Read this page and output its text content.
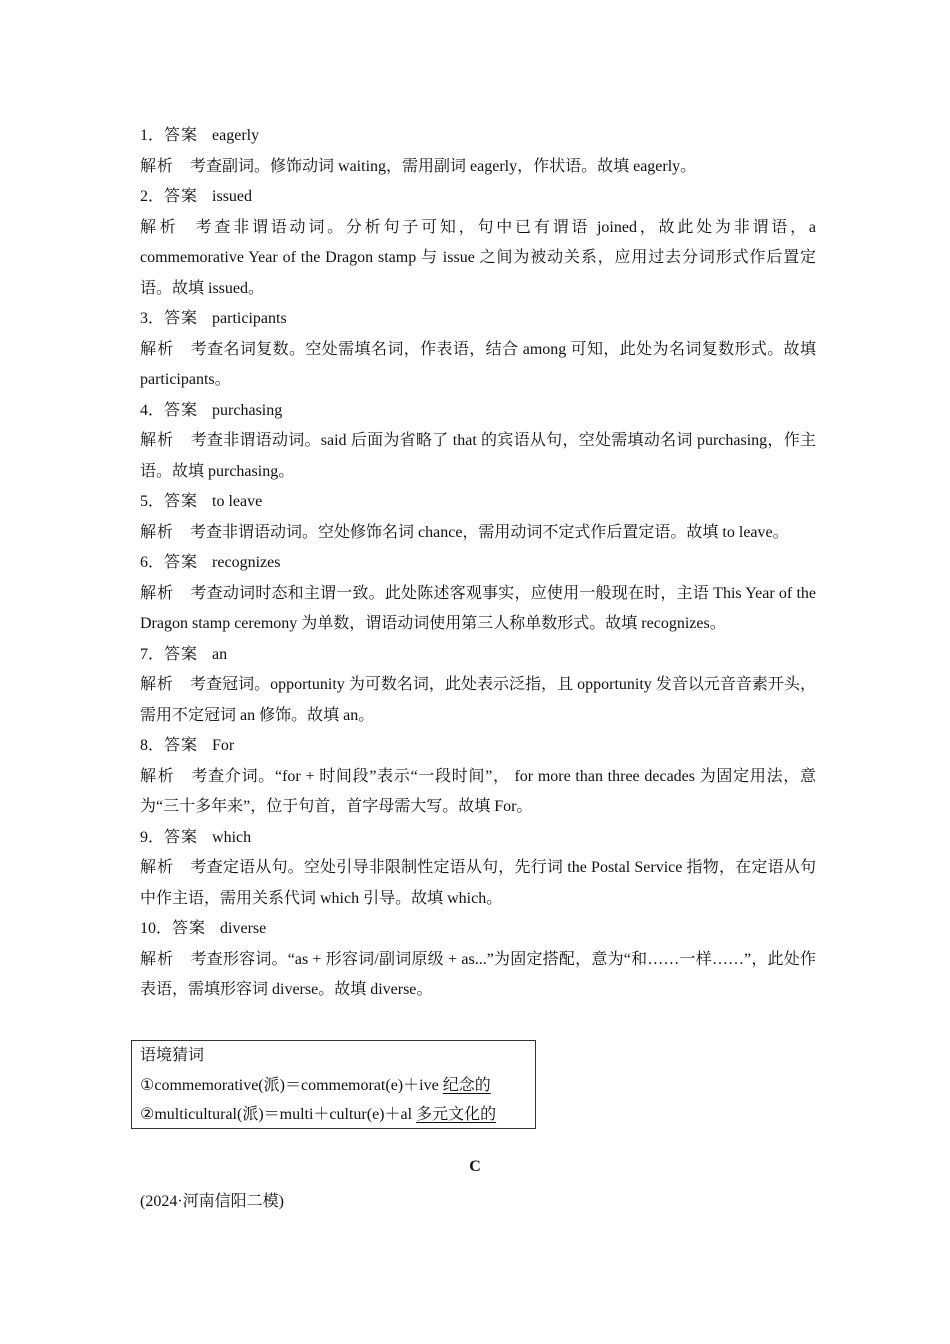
1．答案 eagerly

解析 考查副词。修饰动词 waiting，需用副词 eagerly，作状语。故填 eagerly。

2．答案 issued

解析 考查非谓语动词。分析句子可知，句中已有谓语 joined，故此处为非谓语，a commemorative Year of the Dragon stamp 与 issue 之间为被动关系，应用过去分词形式作后置定语。故填 issued。

3．答案 participants

解析 考查名词复数。空处需填名词，作表语，结合 among 可知，此处为名词复数形式。故填 participants。

4．答案 purchasing

解析 考查非谓语动词。said 后面为省略了 that 的宾语从句，空处需填动名词 purchasing，作主语。故填 purchasing。

5．答案 to leave

解析 考查非谓语动词。空处修饰名词 chance，需用动词不定式作后置定语。故填 to leave。

6．答案 recognizes

解析 考查动词时态和主谓一致。此处陈述客观事实，应使用一般现在时，主语 This Year of the Dragon stamp ceremony 为单数，谓语动词使用第三人称单数形式。故填 recognizes。

7．答案 an

解析 考查冠词。opportunity 为可数名词，此处表示泛指，且 opportunity 发音以元音音素开头，需用不定冠词 an 修饰。故填 an。

8．答案 For

解析 考查介词。“for + 时间段”表示“一段时间”， for more than three decades 为固定用法，意为“三十多年来”，位于句首，首字母需大写。故填 For。

9．答案 which

解析 考查定语从句。空处引导非限制性定语从句，先行词 the Postal Service 指物，在定语从句中作主语，需用关系代词 which 引导。故填 which。

10．答案 diverse

解析 考查形容词。“as + 形容词/副词原级 + as...”为固定搭配，意为“和……一样……”，此处作表语，需填形容词 diverse。故填 diverse。

语境猜词
①commemorative(派)＝commemorat(e)＋ive 纪念的
②multicultural(派)＝multi＋cultur(e)＋al 多元文化的
C
(2024·河南信阳二模)
